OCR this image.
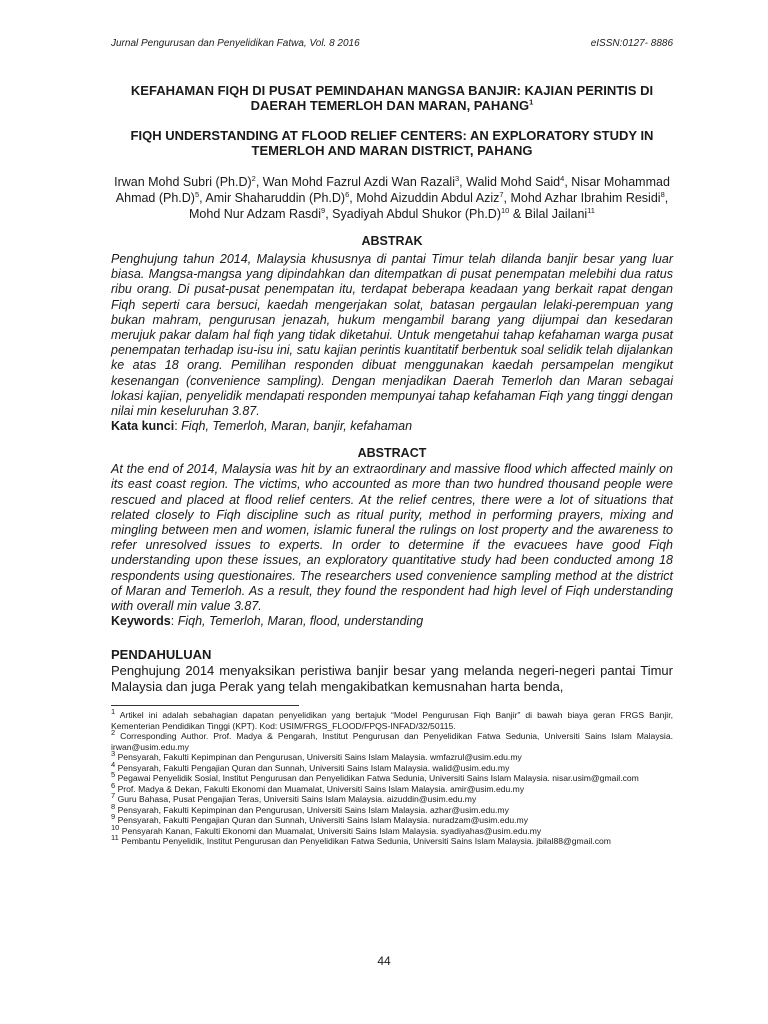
Jurnal Pengurusan dan Penyelidikan Fatwa, Vol. 8 2016	eISSN:0127- 8886
KEFAHAMAN FIQH DI PUSAT PEMINDAHAN MANGSA BANJIR: KAJIAN PERINTIS DI DAERAH TEMERLOH DAN MARAN, PAHANG$^1$
FIQH UNDERSTANDING AT FLOOD RELIEF CENTERS: AN EXPLORATORY STUDY IN TEMERLOH AND MARAN DISTRICT, PAHANG
Irwan Mohd Subri $(Ph.D)^2$, Wan Mohd Fazrul Azdi Wan Razali$^3$, Walid Mohd Said$^4$, Nisar Mohammad Ahmad $(Ph.D)^5$, Amir Shaharuddin $(Ph.D)^6$, Mohd Aizuddin Abdul Aziz$^7$, Mohd Azhar Ibrahim Residi$^8$, Mohd Nur Adzam Rasdi$^9$, Syadiyah Abdul Shukor $(Ph.D)^{10}$ & Bilal Jailani$^{11}$
ABSTRAK
Penghujung tahun 2014, Malaysia khususnya di pantai Timur telah dilanda banjir besar yang luar biasa. Mangsa-mangsa yang dipindahkan dan ditempatkan di pusat penempatan melebihi dua ratus ribu orang. Di pusat-pusat penempatan itu, terdapat beberapa keadaan yang berkait rapat dengan Fiqh seperti cara bersuci, kaedah mengerjakan solat, batasan pergaulan lelaki-perempuan yang bukan mahram, pengurusan jenazah, hukum mengambil barang yang dijumpai dan kesedaran merujuk pakar dalam hal fiqh yang tidak diketahui. Untuk mengetahui tahap kefahaman warga pusat penempatan terhadap isu-isu ini, satu kajian perintis kuantitatif berbentuk soal selidik telah dijalankan ke atas 18 orang. Pemilihan responden dibuat menggunakan kaedah persampelan mengikut kesenangan (convenience sampling). Dengan menjadikan Daerah Temerloh dan Maran sebagai lokasi kajian, penyelidik mendapati responden mempunyai tahap kefahaman Fiqh yang tinggi dengan nilai min keseluruhan 3.87.
Kata kunci: Fiqh, Temerloh, Maran, banjir, kefahaman
ABSTRACT
At the end of 2014, Malaysia was hit by an extraordinary and massive flood which affected mainly on its east coast region. The victims, who accounted as more than two hundred thousand people were rescued and placed at flood relief centers. At the relief centres, there were a lot of situations that related closely to Fiqh discipline such as ritual purity, method in performing prayers, mixing and mingling between men and women, islamic funeral the rulings on lost property and the awareness to refer unresolved issues to experts. In order to determine if the evacuees have good Fiqh understanding upon these issues, an exploratory quantitative study had been conducted among 18 respondents using questionaires. The researchers used convenience sampling method at the district of Maran and Temerloh. As a result, they found the respondent had high level of Fiqh understanding with overall min value 3.87.
Keywords: Fiqh, Temerloh, Maran, flood, understanding
PENDAHULUAN
Penghujung 2014 menyaksikan peristiwa banjir besar yang melanda negeri-negeri pantai Timur Malaysia dan juga Perak yang telah mengakibatkan kemusnahan harta benda,
$^1$ Artikel ini adalah sebahagian dapatan penyelidikan yang bertajuk “Model Pengurusan Fiqh Banjir” di bawah biaya geran FRGS Banjir, Kementerian Pendidikan Tinggi (KPT). Kod: USIM/FRGS_FLOOD/FPQS-INFAD/32/50115.
$^2$ Corresponding Author. Prof. Madya & Pengarah, Institut Pengurusan dan Penyelidikan Fatwa Sedunia, Universiti Sains Islam Malaysia. irwan@usim.edu.my
$^3$ Pensyarah, Fakulti Kepimpinan dan Pengurusan, Universiti Sains Islam Malaysia. wmfazrul@usim.edu.my
$^4$ Pensyarah, Fakulti Pengajian Quran dan Sunnah, Universiti Sains Islam Malaysia. walid@usim.edu.my
$^5$ Pegawai Penyelidik Sosial, Institut Pengurusan dan Penyelidikan Fatwa Sedunia, Universiti Sains Islam Malaysia. nisar.usim@gmail.com
$^6$ Prof. Madya & Dekan, Fakulti Ekonomi dan Muamalat, Universiti Sains Islam Malaysia. amir@usim.edu.my
$^7$ Guru Bahasa, Pusat Pengajian Teras, Universiti Sains Islam Malaysia. aizuddin@usim.edu.my
$^8$ Pensyarah, Fakulti Kepimpinan dan Pengurusan, Universiti Sains Islam Malaysia. azhar@usim.edu.my
$^9$ Pensyarah, Fakulti Pengajian Quran dan Sunnah, Universiti Sains Islam Malaysia. nuradzam@usim.edu.my
$^{10}$ Pensyarah Kanan, Fakulti Ekonomi dan Muamalat, Universiti Sains Islam Malaysia. syadiyahas@usim.edu.my
$^{11}$ Pembantu Penyelidik, Institut Pengurusan dan Penyelidikan Fatwa Sedunia, Universiti Sains Islam Malaysia. jbilal88@gmail.com
44
